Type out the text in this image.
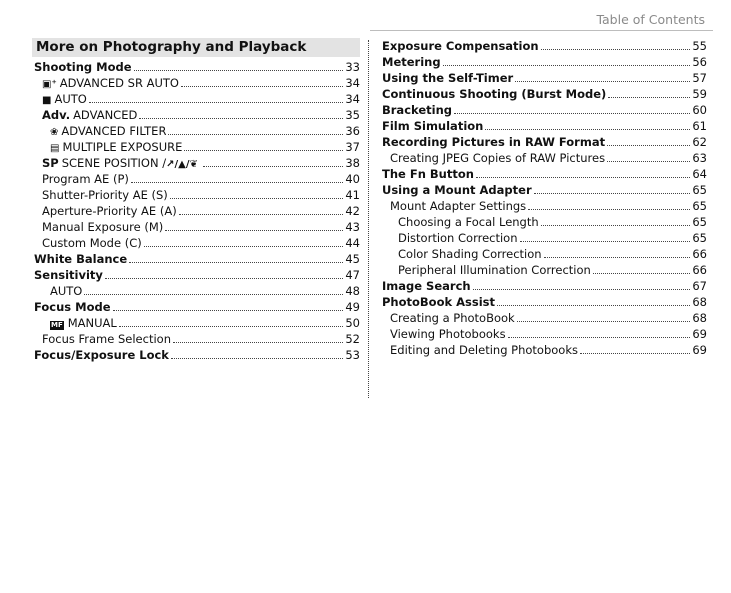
Table of Contents
More on Photography and Playback
Shooting Mode	33
▣⁺ ADVANCED SR AUTO	34
■ AUTO	34
Adv. ADVANCED	35
❀ ADVANCED FILTER	36
▤ MULTIPLE EXPOSURE	37
SP SCENE POSITION / ↗/▲/❦	38
Program AE (P)	40
Shutter-Priority AE (S)	41
Aperture-Priority AE (A)	42
Manual Exposure (M)	43
Custom Mode (C)	44
White Balance	45
Sensitivity	47
AUTO	48
Focus Mode	49
MF MANUAL	50
Focus Frame Selection	52
Focus/Exposure Lock	53
Exposure Compensation	55
Metering	56
Using the Self-Timer	57
Continuous Shooting (Burst Mode)	59
Bracketing	60
Film Simulation	61
Recording Pictures in RAW Format	62
Creating JPEG Copies of RAW Pictures	63
The Fn Button	64
Using a Mount Adapter	65
Mount Adapter Settings	65
Choosing a Focal Length	65
Distortion Correction	65
Color Shading Correction	66
Peripheral Illumination Correction	66
Image Search	67
PhotoBook Assist	68
Creating a PhotoBook	68
Viewing Photobooks	69
Editing and Deleting Photobooks	69
